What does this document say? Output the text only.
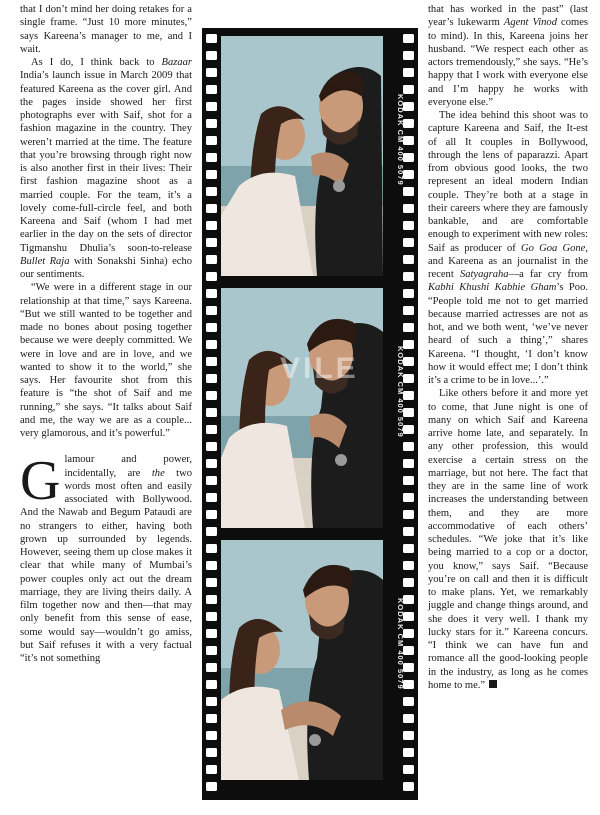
that I don’t mind her doing retakes for a single frame. “Just 10 more minutes,” says Kareena’s manager to me, and I wait.

As I do, I think back to Bazaar India’s launch issue in March 2009 that featured Kareena as the cover girl. And the pages inside showed her first photographs ever with Saif, shot for a fashion magazine in the country. They weren’t married at the time. The feature that you’re browsing through right now is also another first in their lives: Their first fashion magazine shoot as a married couple. For the team, it’s a lovely come-full-circle feel, and both Kareena and Saif (whom I had met earlier in the day on the sets of director Tigmanshu Dhulia’s soon-to-release Bullet Raja with Sonakshi Sinha) echo our sentiments.

“We were in a different stage in our relationship at that time,” says Kareena. “But we still wanted to be together and made no bones about posing together because we were deeply committed. We were in love and are in love, and we wanted to show it to the world,” she says. Her favourite shot from this feature is “the shot of Saif and me running,” she says. “It talks about Saif and me, the way we are as a couple... very glamorous, and it’s powerful.”

Glamour and power, incidentally, are the two words most often and easily associated with Bollywood. And the Nawab and Begum Pataudi are no strangers to either, having both grown up surrounded by legends. However, seeing them up close makes it clear that while many of Mumbai’s power couples only act out the dream marriage, they are living theirs daily. A film together now and then—that may only benefit from this sense of ease, some would say—wouldn’t go amiss, but Saif refuses it with a very factual “it’s not something

KODAK CM 400 5079
KODAK CM 400 5079
KODAK CM 400 5079
VILE

that has worked in the past” (last year’s lukewarm Agent Vinod comes to mind). In this, Kareena joins her husband. “We respect each other as actors tremendously,” she says. “He’s happy that I work with everyone else and I’m happy he works with everyone else.”

The idea behind this shoot was to capture Kareena and Saif, the It-est of all It couples in Bollywood, through the lens of paparazzi. Apart from obvious good looks, the two represent an ideal modern Indian couple. They’re both at a stage in their careers where they are famously bankable, and are comfortable enough to experiment with new roles: Saif as producer of Go Goa Gone, and Kareena as an journalist in the recent Satyagraha—a far cry from Kabhi Khushi Kabhie Gham’s Poo. “People told me not to get married because married actresses are not as hot, and we both went, ‘we’ve never heard of such a thing’,” shares Kareena. “I thought, ‘I don’t know how it would effect me; I don’t think it’s a crime to be in love...’.”

Like others before it and more yet to come, that June night is one of many on which Saif and Kareena arrive home late, and separately. In any other profession, this would exercise a certain stress on the marriage, but not here. The fact that they are in the same line of work increases the understanding between them, and they are more accommodative of each others’ schedules. “We joke that it’s like being married to a cop or a doctor, you know,” says Saif. “Because you’re on call and then it is difficult to make plans. Yet, we remarkably juggle and change things around, and she does it very well. I thank my lucky stars for it.” Kareena concurs. “I think we can have fun and romance all the good-looking people in the industry, as long as he comes home to me.”
